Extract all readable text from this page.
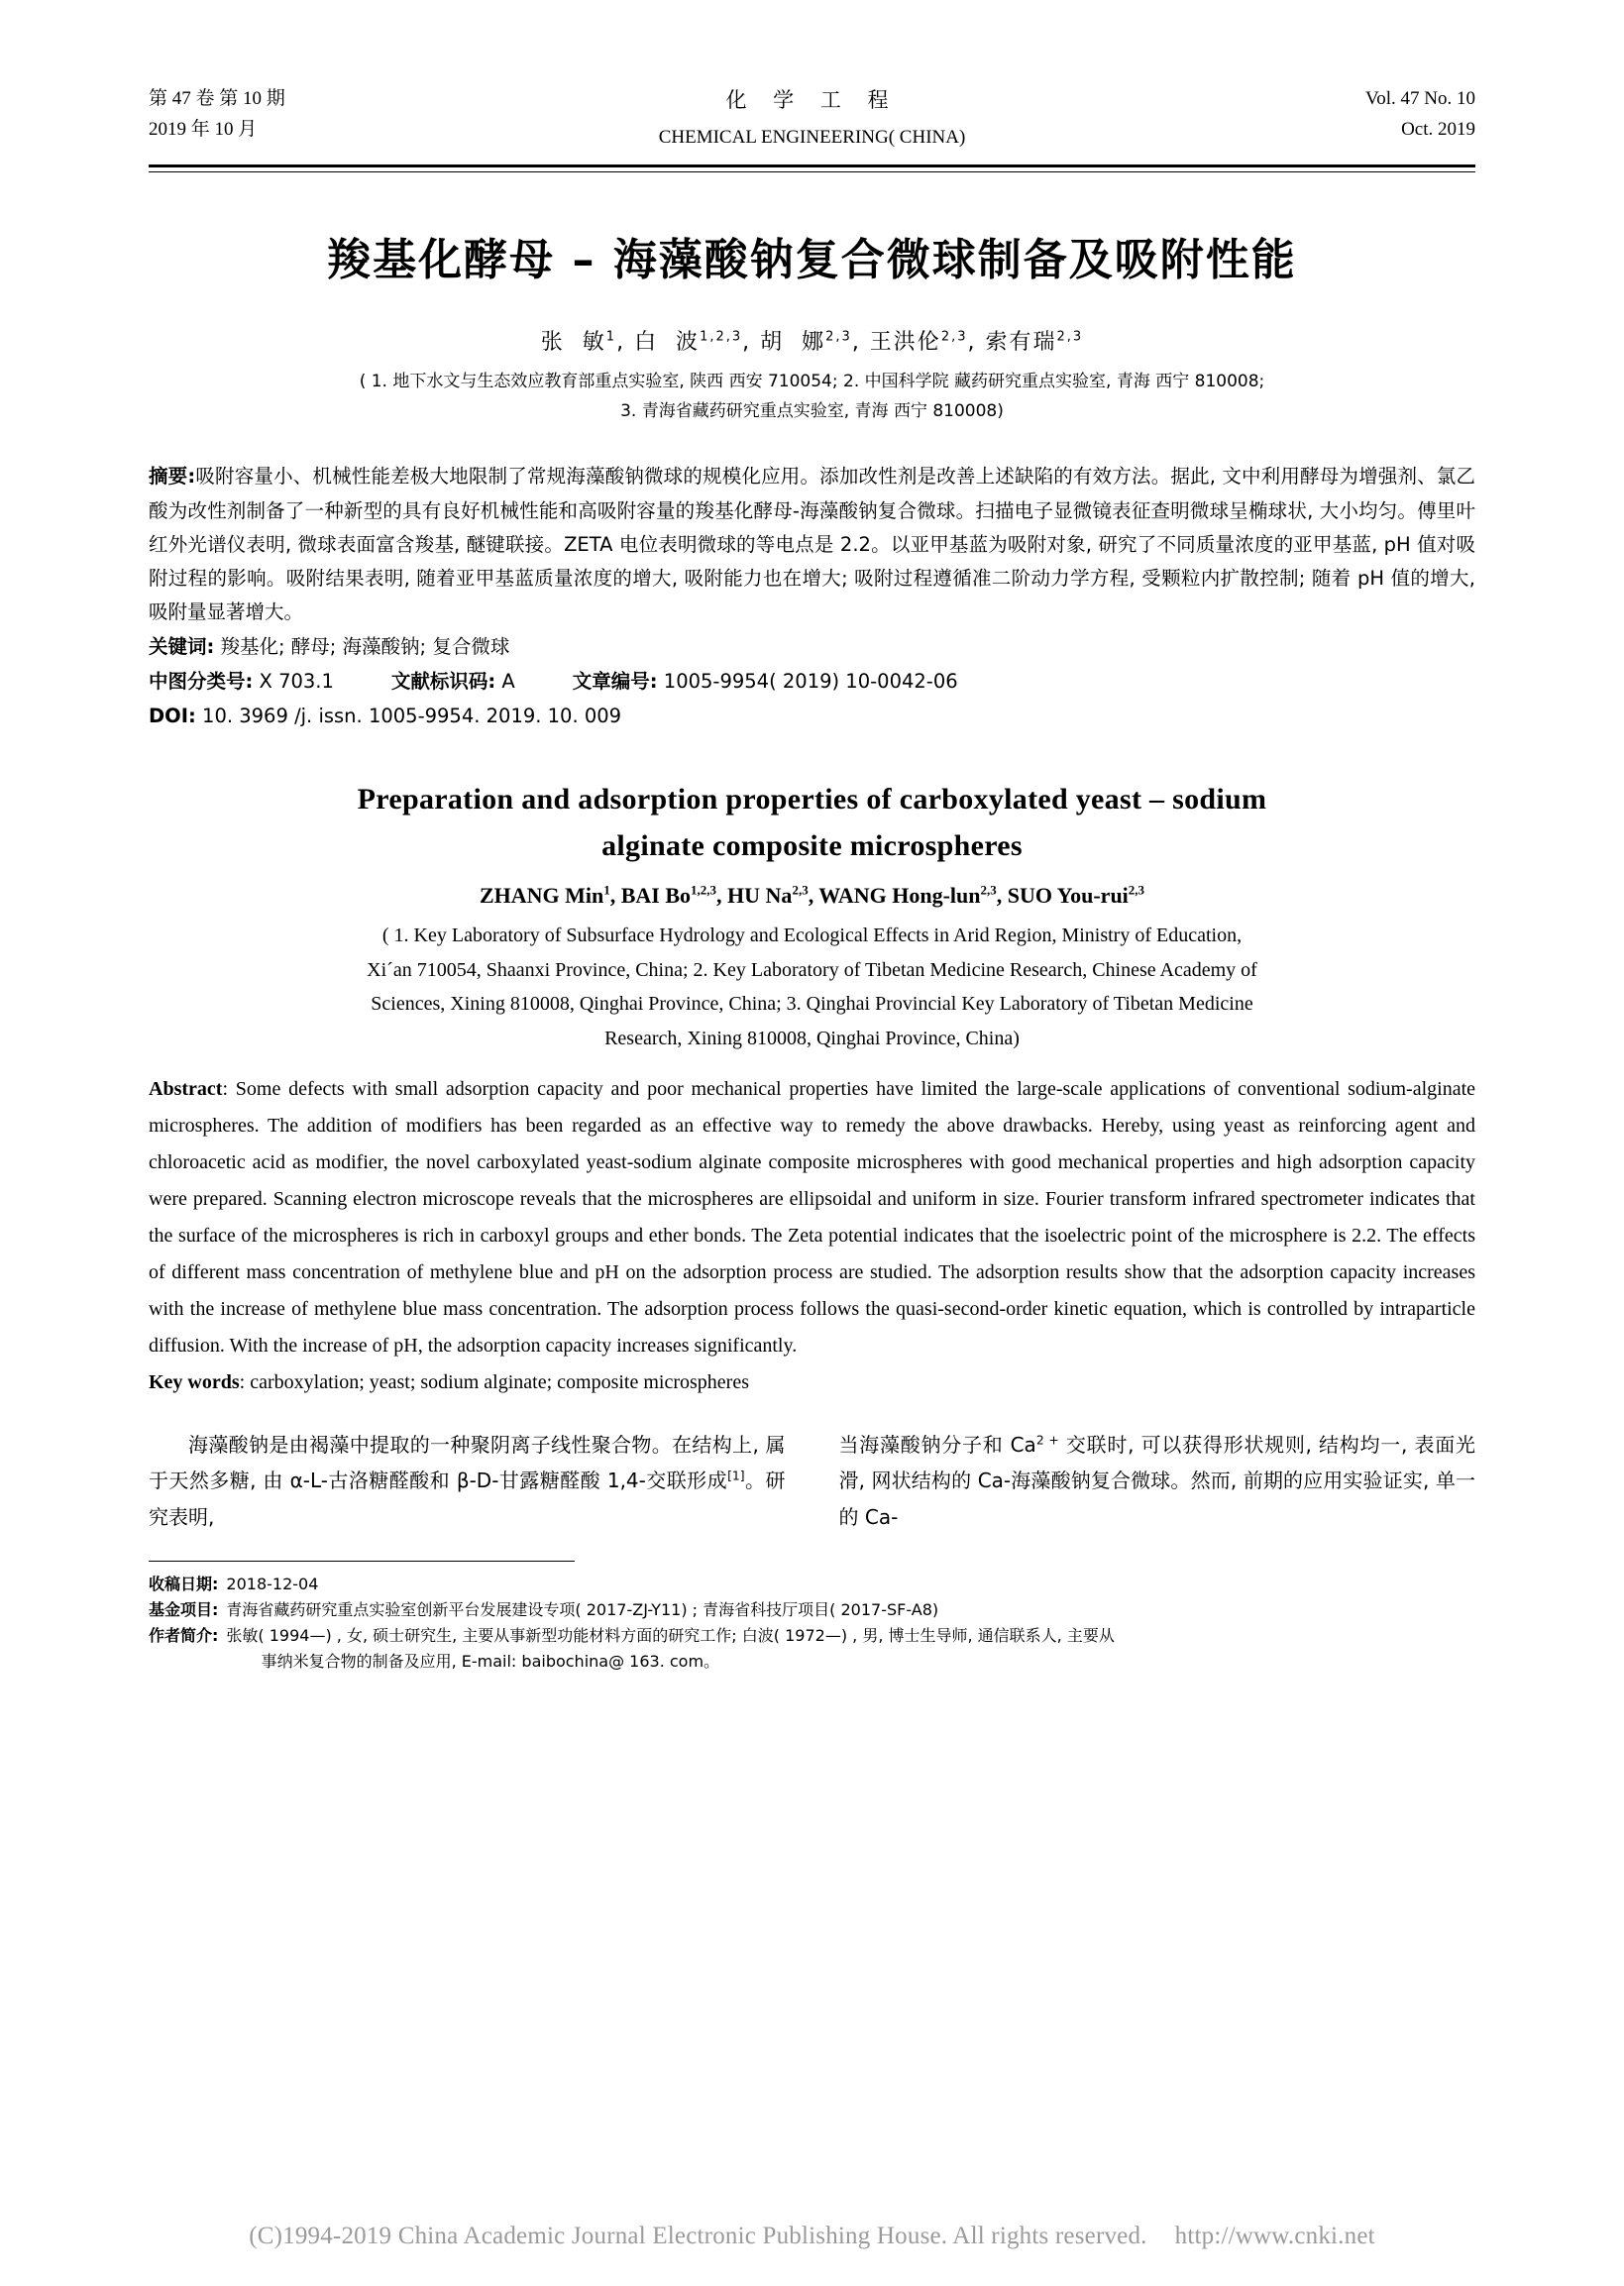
第 47 卷 第 10 期
2019 年 10 月
化 学 工 程
CHEMICAL ENGINEERING( CHINA)
Vol. 47 No. 10
Oct. 2019
羧基化酵母 – 海藻酸钠复合微球制备及吸附性能
张  敏$^1$, 白  波$^{1,2,3}$, 胡  娜$^{2,3}$, 王洪伦$^{2,3}$, 索有瑞$^{2,3}$
( 1. 地下水文与生态效应教育部重点实验室, 陕西 西安 710054; 2. 中国科学院 藏药研究重点实验室, 青海 西宁 810008;
3. 青海省藏药研究重点实验室, 青海 西宁 810008)
摘要:吸附容量小、机械性能差极大地限制了常规海藻酸钠微球的规模化应用。添加改性剂是改善上述缺陷的有效方法。据此, 文中利用酵母为增强剂、氯乙酸为改性剂制备了一种新型的具有良好机械性能和高吸附容量的羧基化酵母-海藻酸钠复合微球。扫描电子显微镜表征查明微球呈椭球状, 大小均匀。傅里叶红外光谱仪表明, 微球表面富含羧基, 醚键联接。ZETA 电位表明微球的等电点是 2.2。以亚甲基蓝为吸附对象, 研究了不同质量浓度的亚甲基蓝, pH 值对吸附过程的影响。吸附结果表明, 随着亚甲基蓝质量浓度的增大, 吸附能力也在增大; 吸附过程遵循准二阶动力学方程, 受颗粒内扩散控制; 随着 pH 值的增大, 吸附量显著增大。
关键词: 羧基化; 酵母; 海藻酸钠; 复合微球
中图分类号: X 703.1	文献标识码: A	文章编号: 1005-9954( 2019) 10-0042-06
DOI: 10. 3969 /j. issn. 1005-9954. 2019. 10. 009
Preparation and adsorption properties of carboxylated yeast – sodium
alginate composite microspheres
ZHANG Min$^1$, BAI Bo$^{1,2,3}$, HU Na$^{2,3}$, WANG Hong-lun$^{2,3}$, SUO You-rui$^{2,3}$
( 1. Key Laboratory of Subsurface Hydrology and Ecological Effects in Arid Region, Ministry of Education,
Xi´an 710054, Shaanxi Province, China; 2. Key Laboratory of Tibetan Medicine Research, Chinese Academy of
Sciences, Xining 810008, Qinghai Province, China; 3. Qinghai Provincial Key Laboratory of Tibetan Medicine
Research, Xining 810008, Qinghai Province, China)
Abstract: Some defects with small adsorption capacity and poor mechanical properties have limited the large-scale applications of conventional sodium-alginate microspheres. The addition of modifiers has been regarded as an effective way to remedy the above drawbacks. Hereby, using yeast as reinforcing agent and chloroacetic acid as modifier, the novel carboxylated yeast-sodium alginate composite microspheres with good mechanical properties and high adsorption capacity were prepared. Scanning electron microscope reveals that the microspheres are ellipsoidal and uniform in size. Fourier transform infrared spectrometer indicates that the surface of the microspheres is rich in carboxyl groups and ether bonds. The Zeta potential indicates that the isoelectric point of the microsphere is 2.2. The effects of different mass concentration of methylene blue and pH on the adsorption process are studied. The adsorption results show that the adsorption capacity increases with the increase of methylene blue mass concentration. The adsorption process follows the quasi-second-order kinetic equation, which is controlled by intraparticle diffusion. With the increase of pH, the adsorption capacity increases significantly.
Key words: carboxylation; yeast; sodium alginate; composite microspheres

海藻酸钠是由褐藻中提取的一种聚阴离子线性聚合物。在结构上, 属于天然多糖, 由 α-L-古洛糖醛酸和 β-D-甘露糖醛酸 1,4-交联形成[1]。研究表明,

当海藻酸钠分子和 $Ca^{2 +}$ 交联时, 可以获得形状规则, 结构均一, 表面光滑, 网状结构的 Ca-海藻酸钠复合微球。然而, 前期的应用实验证实, 单一的 Ca-

收稿日期: 2018-12-04
基金项目: 青海省藏药研究重点实验室创新平台发展建设专项( 2017-ZJ-Y11) ; 青海省科技厅项目( 2017-SF-A8)
作者简介: 张敏( 1994—) , 女, 硕士研究生, 主要从事新型功能材料方面的研究工作; 白波( 1972—) , 男, 博士生导师, 通信联系人, 主要从
事纳米复合物的制备及应用, E-mail: baibochina@ 163. com。
(C)1994-2019 China Academic Journal Electronic Publishing House. All rights reserved. http://www.cnki.net
